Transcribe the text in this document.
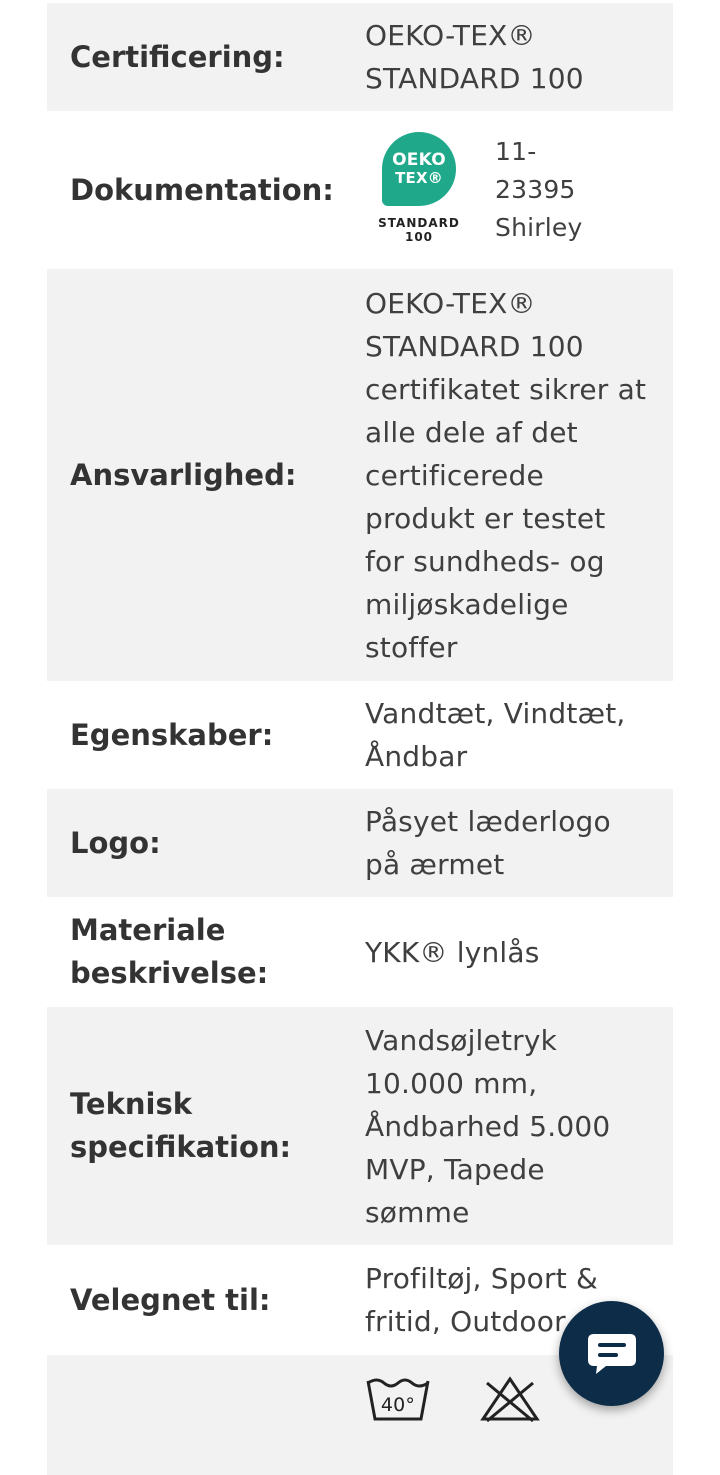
Certificering:
OEKO-TEX® STANDARD 100
Dokumentation:
OEKO
TEX®
STANDARD
100
11-
23395
Shirley
Ansvarlighed:
OEKO-TEX® STANDARD 100 certifikatet sikrer at alle dele af det certificerede produkt er testet for sundheds- og miljøskadelige stoffer
Egenskaber:
Vandtæt, Vindtæt, Åndbar
Logo:
Påsyet læderlogo på ærmet
Materiale beskrivelse:
YKK® lynlås
Teknisk specifikation:
Vandsøjletryk 10.000 mm, Åndbarhed 5.000 MVP, Tapede sømme
Velegnet til:
Profiltøj, Sport & fritid, Outdoor
40°
